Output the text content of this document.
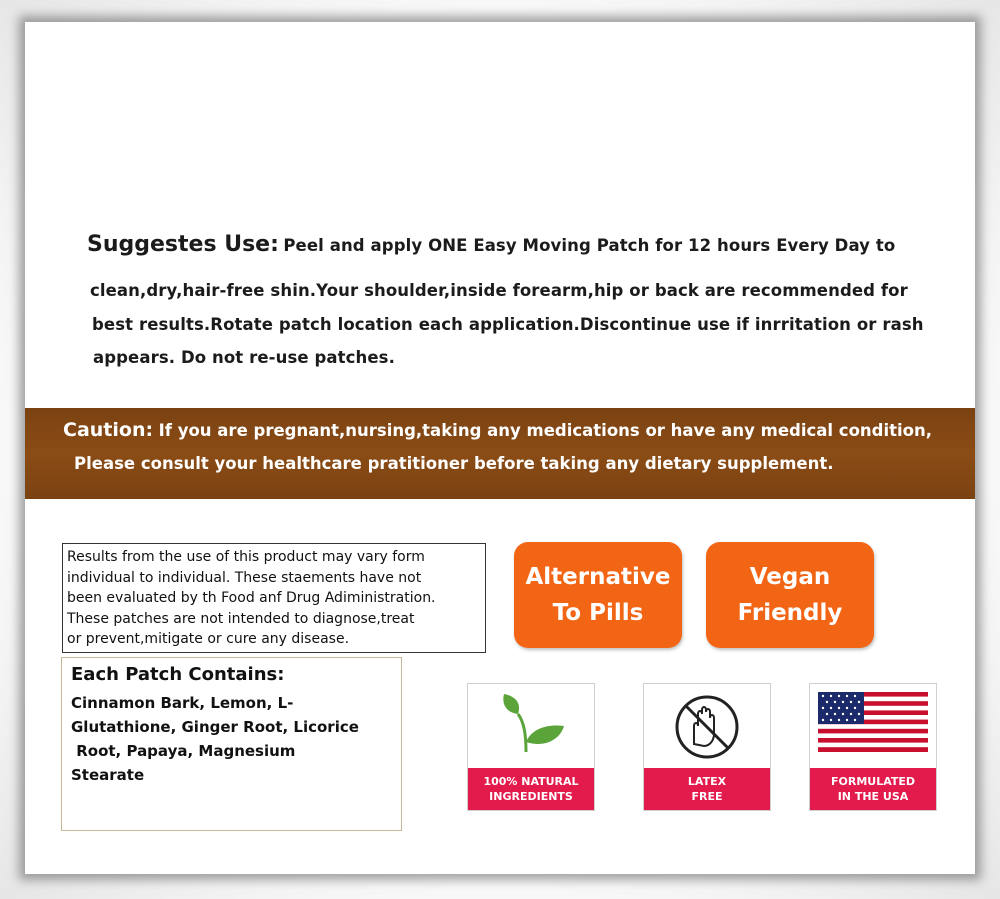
Suggestes Use: Peel and apply ONE Easy Moving Patch for 12 hours Every Day to
clean,dry,hair-free shin.Your shoulder,inside forearm,hip or back are recommended for
best results.Rotate patch location each application.Discontinue use if inrritation or rash
appears. Do not re-use patches.
Caution: If you are pregnant,nursing,taking any medications or have any medical condition,
Please consult your healthcare pratitioner before taking any dietary supplement.
Results from the use of this product may vary form
individual to individual. These staements have not
been evaluated by th Food anf Drug Adiministration.
These patches are not intended to diagnose,treat
or prevent,mitigate or cure any disease.
Each Patch Contains:
Cinnamon Bark, Lemon, L-
Glutathione, Ginger Root, Licorice
Root, Papaya, Magnesium
Stearate
Alternative
To Pills
Vegan
Friendly
100% NATURAL
INGREDIENTS
LATEX
FREE
FORMULATED
IN THE USA
